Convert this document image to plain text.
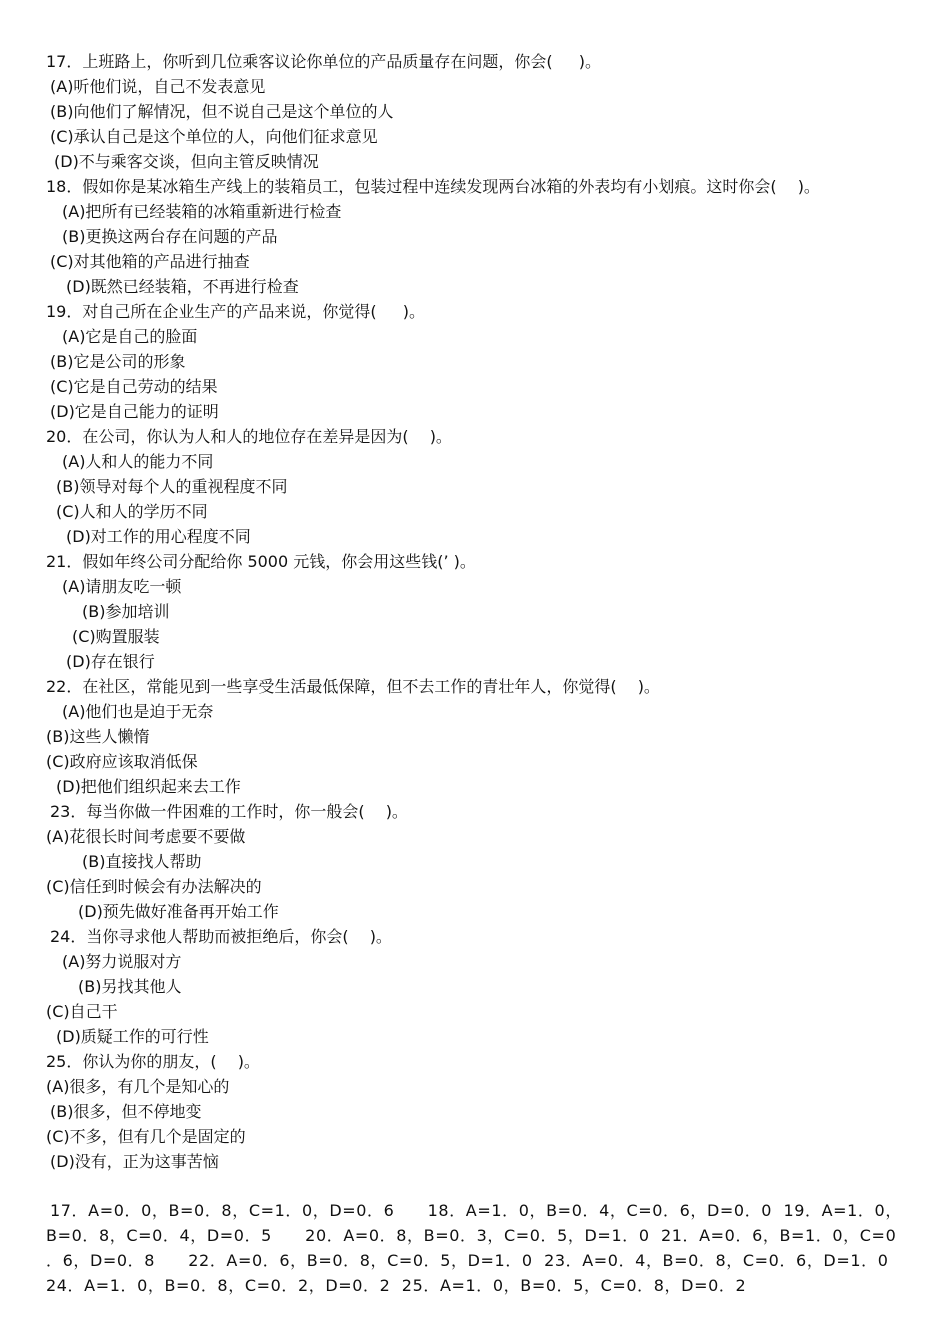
17．上班路上，你听到几位乘客议论你单位的产品质量存在问题，你会(　  )。
(A)听他们说，自己不发表意见
(B)向他们了解情况，但不说自己是这个单位的人
(C)承认自己是这个单位的人，向他们征求意见
(D)不与乘客交谈，但向主管反映情况
18．假如你是某冰箱生产线上的装箱员工，包装过程中连续发现两台冰箱的外表均有小划痕。这时你会(　 )。
(A)把所有已经装箱的冰箱重新进行检查
(B)更换这两台存在问题的产品
(C)对其他箱的产品进行抽查
(D)既然已经装箱，不再进行检查
19．对自己所在企业生产的产品来说，你觉得(　  )。
(A)它是自己的脸面
(B)它是公司的形象
(C)它是自己劳动的结果
(D)它是自己能力的证明
20．在公司，你认为人和人的地位存在差异是因为(　 )。
(A)人和人的能力不同
(B)领导对每个人的重视程度不同
(C)人和人的学历不同
(D)对工作的用心程度不同
21．假如年终公司分配给你 5000 元钱，你会用这些钱(’ )。
(A)请朋友吃一顿
(B)参加培训
(C)购置服装
(D)存在银行
22．在社区，常能见到一些享受生活最低保障，但不去工作的青壮年人，你觉得(　 )。
(A)他们也是迫于无奈
(B)这些人懒惰
(C)政府应该取消低保
(D)把他们组织起来去工作
23．每当你做一件困难的工作时，你一般会(　 )。
(A)花很长时间考虑要不要做
(B)直接找人帮助
(C)信任到时候会有办法解决的
(D)预先做好准备再开始工作
24．当你寻求他人帮助而被拒绝后，你会(　 )。
(A)努力说服对方
(B)另找其他人
(C)自己干
(D)质疑工作的可行性
25．你认为你的朋友，(　 )。
(A)很多，有几个是知心的
(B)很多，但不停地变
(C)不多，但有几个是固定的
(D)没有，正为这事苦恼
17．A=0．0，B=0．8，C=1．0，D=0．6　　18．A=1．0，B=0．4，C=0．6，D=0．0  19．A=1．0，
B=0．8，C=0．4，D=0．5　　20．A=0．8，B=0．3，C=0．5，D=1．0  21．A=0．6，B=1．0，C=0
．6，D=0．8　　22．A=0．6，B=0．8，C=0．5，D=1．0  23．A=0．4，B=0．8，C=0．6，D=1．0
24．A=1．0，B=0．8，C=0．2，D=0．2  25．A=1．0，B=0．5，C=0．8，D=0．2
